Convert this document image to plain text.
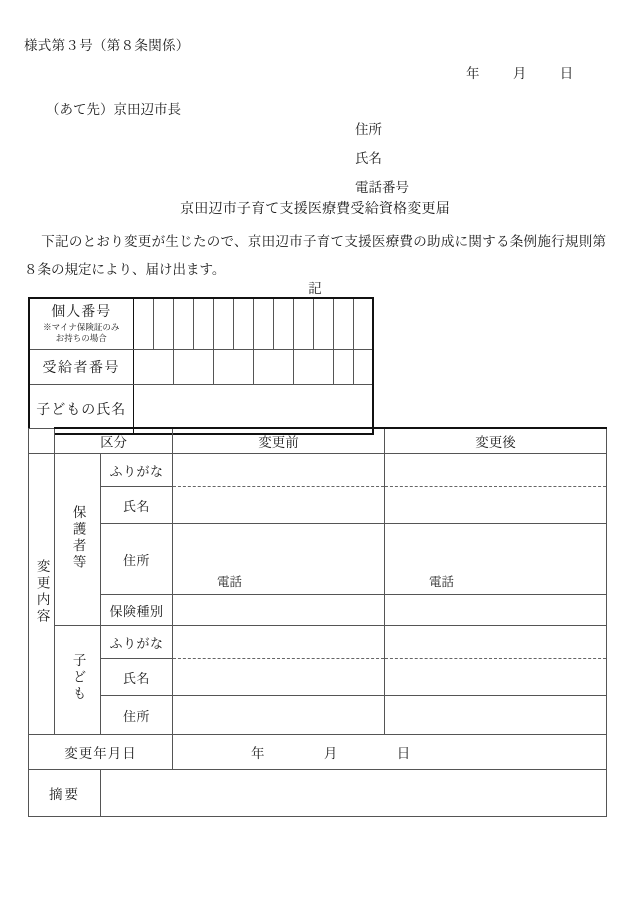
様式第３号（第８条関係）
年 月 日
（あて先）京田辺市長
住所
氏名
電話番号
京田辺市子育て支援医療費受給資格変更届
下記のとおり変更が生じたので、京田辺市子育て支援医療費の助成に関する条例施行規則第８条の規定により、届け出ます。
記
個人番号
※マイナ保険証のみ
お持ちの場合												

受給者番号												
子どもの氏名												
	区分		変更前	変更後
変更内容	保護者等	ふりがな		
		氏名		
		住所	電話	電話

		保険種別		
	子ども	ふりがな		
		氏名		
		住所		
変更年月日			年 月 日	

摘要				
